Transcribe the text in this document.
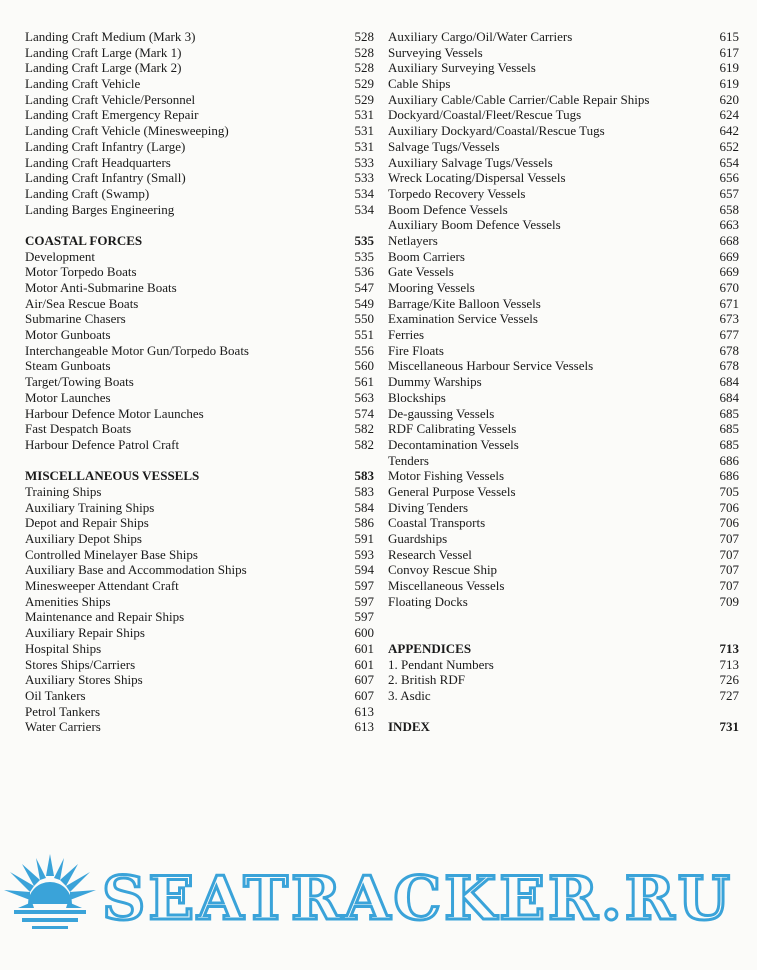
Landing Craft Medium (Mark 3)	528
Landing Craft Large (Mark 1)	528
Landing Craft Large (Mark 2)	528
Landing Craft Vehicle	529
Landing Craft Vehicle/Personnel	529
Landing Craft Emergency Repair	531
Landing Craft Vehicle (Minesweeping)	531
Landing Craft Infantry (Large)	531
Landing Craft Headquarters	533
Landing Craft Infantry (Small)	533
Landing Craft (Swamp)	534
Landing Barges Engineering	534
COASTAL FORCES	535
Development	535
Motor Torpedo Boats	536
Motor Anti-Submarine Boats	547
Air/Sea Rescue Boats	549
Submarine Chasers	550
Motor Gunboats	551
Interchangeable Motor Gun/Torpedo Boats	556
Steam Gunboats	560
Target/Towing Boats	561
Motor Launches	563
Harbour Defence Motor Launches	574
Fast Despatch Boats	582
Harbour Defence Patrol Craft	582
MISCELLANEOUS VESSELS	583
Training Ships	583
Auxiliary Training Ships	584
Depot and Repair Ships	586
Auxiliary Depot Ships	591
Controlled Minelayer Base Ships	593
Auxiliary Base and Accommodation Ships	594
Minesweeper Attendant Craft	597
Amenities Ships	597
Maintenance and Repair Ships	597
Auxiliary Repair Ships	600
Hospital Ships	601
Stores Ships/Carriers	601
Auxiliary Stores Ships	607
Oil Tankers	607
Petrol Tankers	613
Water Carriers	613
Auxiliary Cargo/Oil/Water Carriers	615
Surveying Vessels	617
Auxiliary Surveying Vessels	619
Cable Ships	619
Auxiliary Cable/Cable Carrier/Cable Repair Ships	620
Dockyard/Coastal/Fleet/Rescue Tugs	624
Auxiliary Dockyard/Coastal/Rescue Tugs	642
Salvage Tugs/Vessels	652
Auxiliary Salvage Tugs/Vessels	654
Wreck Locating/Dispersal Vessels	656
Torpedo Recovery Vessels	657
Boom Defence Vessels	658
Auxiliary Boom Defence Vessels	663
Netlayers	668
Boom Carriers	669
Gate Vessels	669
Mooring Vessels	670
Barrage/Kite Balloon Vessels	671
Examination Service Vessels	673
Ferries	677
Fire Floats	678
Miscellaneous Harbour Service Vessels	678
Dummy Warships	684
Blockships	684
De-gaussing Vessels	685
RDF Calibrating Vessels	685
Decontamination Vessels	685
Tenders	686
Motor Fishing Vessels	686
General Purpose Vessels	705
Diving Tenders	706
Coastal Transports	706
Guardships	707
Research Vessel	707
Convoy Rescue Ship	707
Miscellaneous Vessels	707
Floating Docks	709
APPENDICES	713
1. Pendant Numbers	713
2. British RDF	726
3. Asdic	727
INDEX	731
SEATRACKER.RU
